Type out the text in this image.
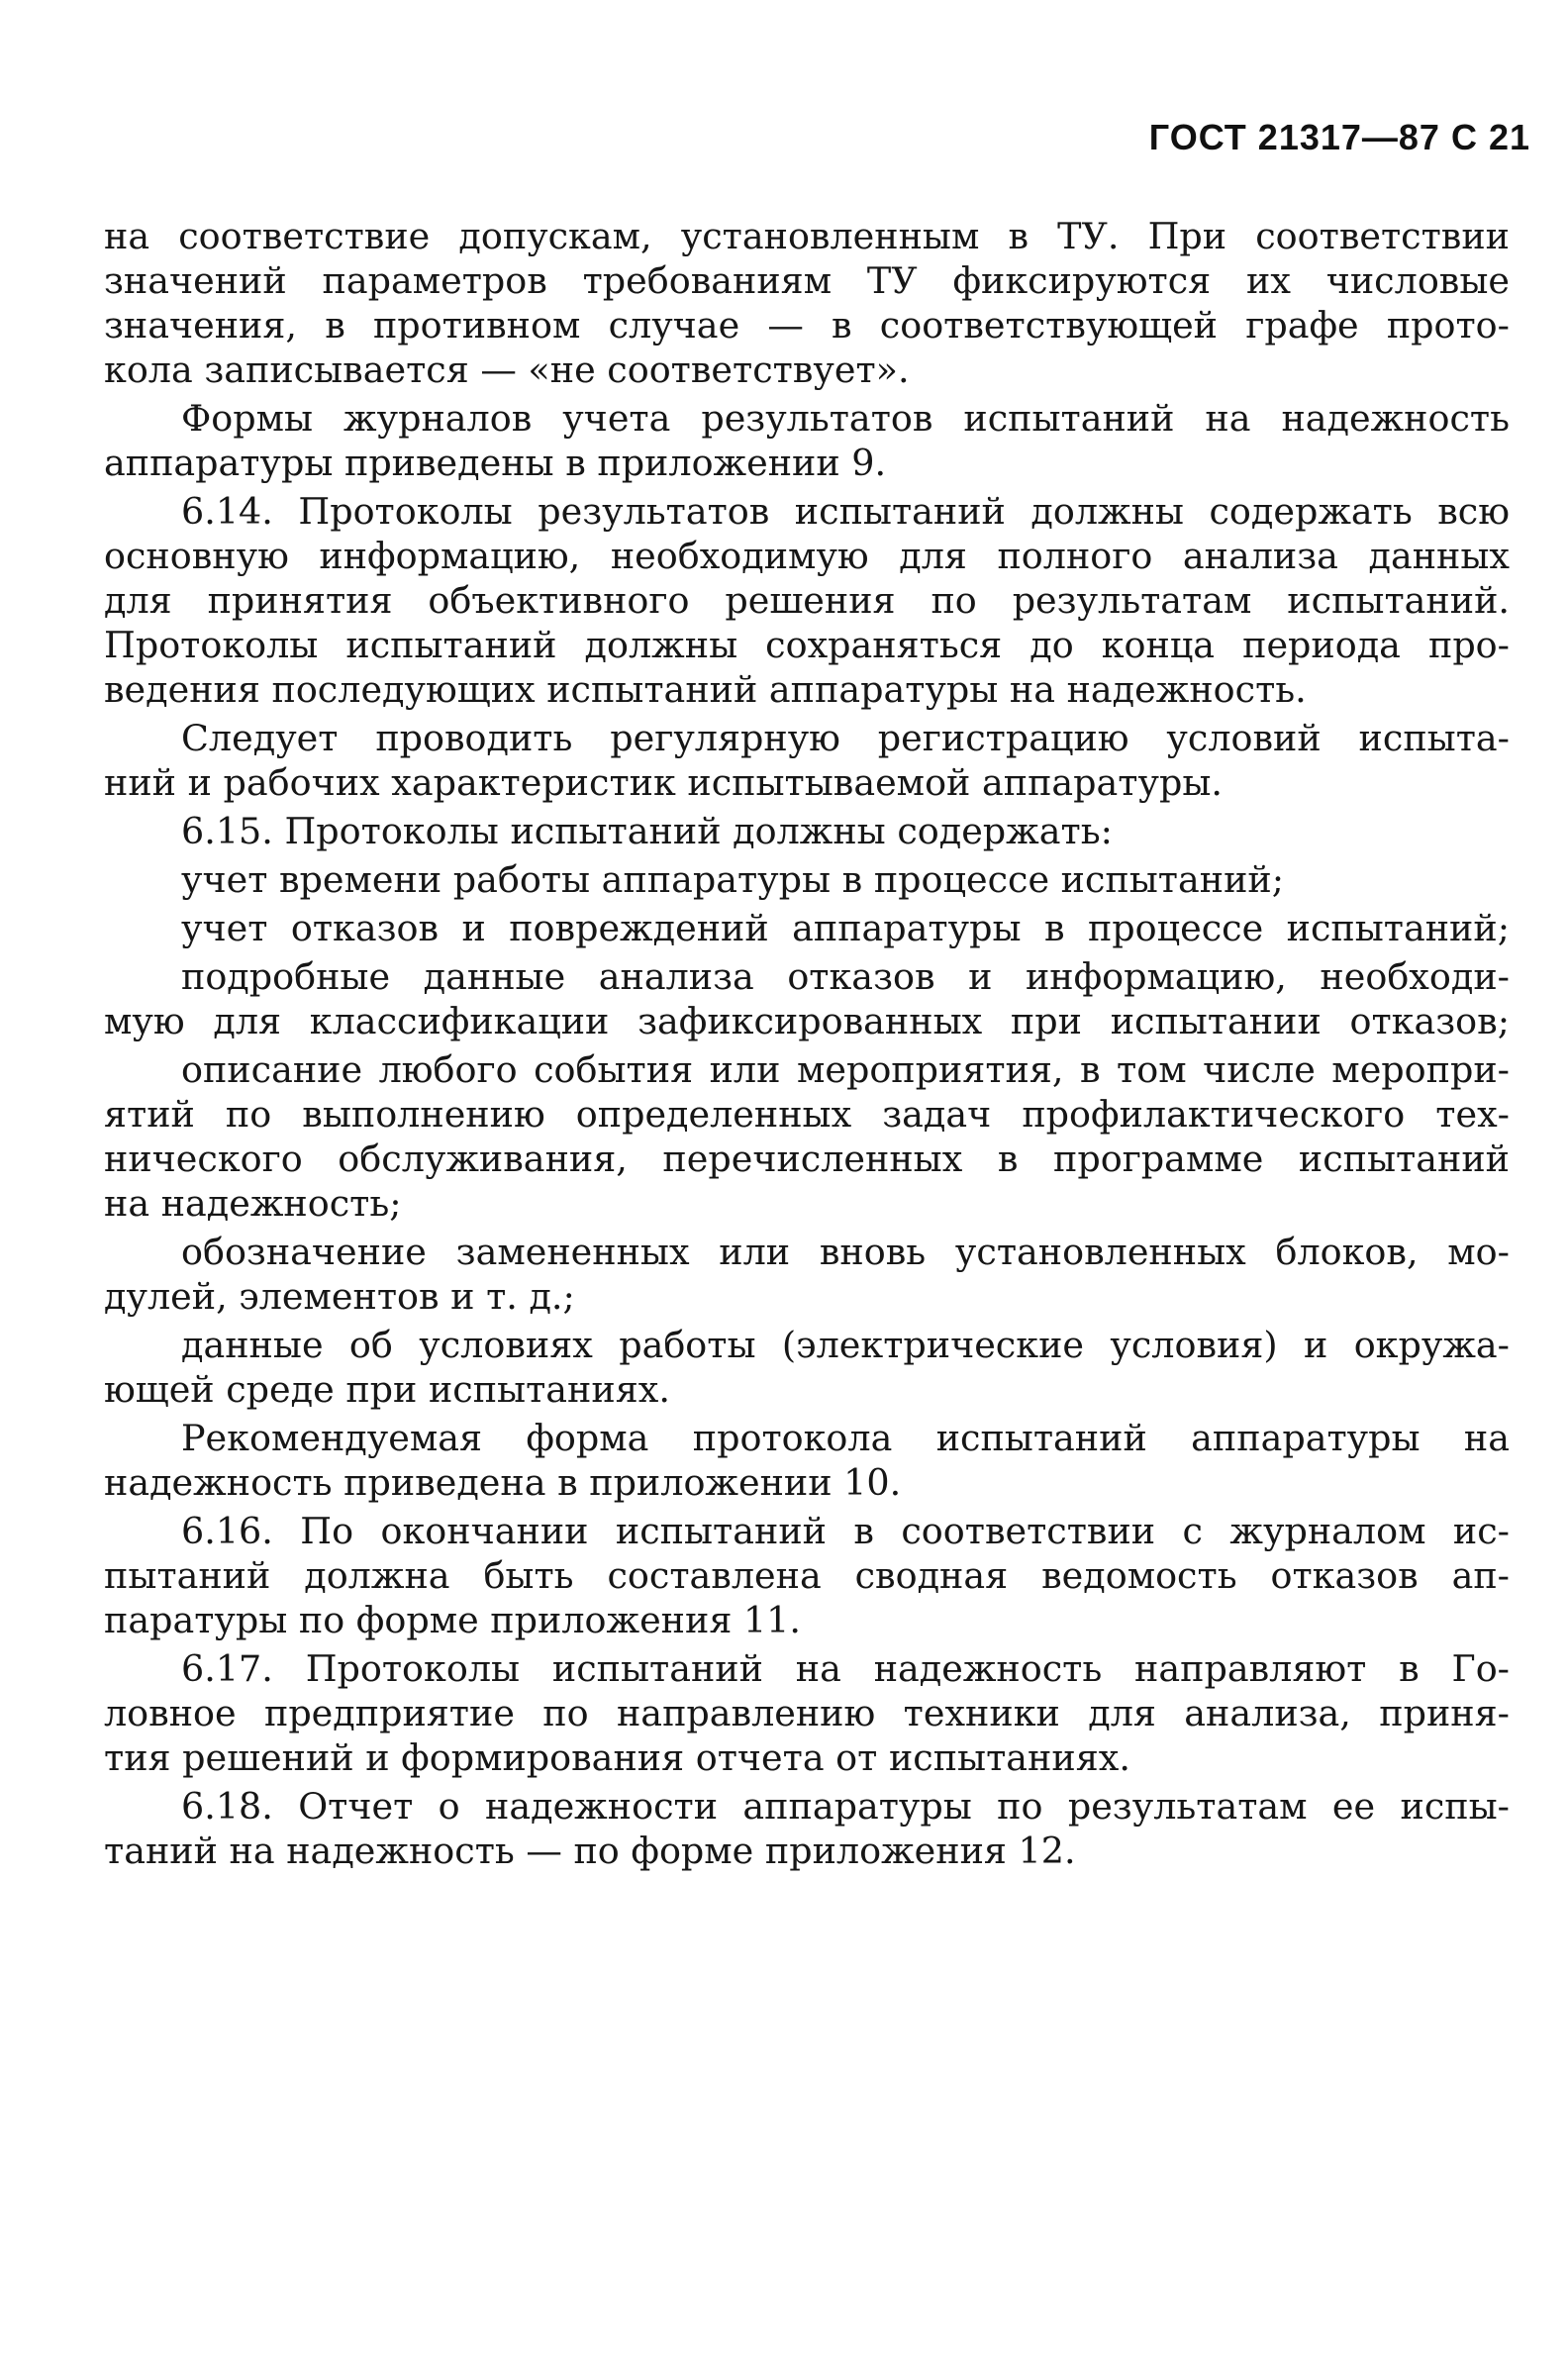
ГОСТ 21317—87 С 21
на соответствие допускам, установленным в ТУ. При соответствии
значений параметров требованиям ТУ фиксируются их числовые
значения, в противном случае — в соответствующей графе прото-
кола записывается — «не соответствует».
Формы журналов учета результатов испытаний на надежность
аппаратуры приведены в приложении 9.
6.14. Протоколы результатов испытаний должны содержать всю
основную информацию, необходимую для полного анализа данных
для принятия объективного решения по результатам испытаний.
Протоколы испытаний должны сохраняться до конца периода про-
ведения последующих испытаний аппаратуры на надежность.
Следует проводить регулярную регистрацию условий испыта-
ний и рабочих характеристик испытываемой аппаратуры.
6.15. Протоколы испытаний должны содержать:
учет времени работы аппаратуры в процессе испытаний;
учет отказов и повреждений аппаратуры в процессе испытаний;
подробные данные анализа отказов и информацию, необходи-
мую для классификации зафиксированных при испытании отказов;
описание любого события или мероприятия, в том числе меропри-
ятий по выполнению определенных задач профилактического тех-
нического обслуживания, перечисленных в программе испытаний
на надежность;
обозначение замененных или вновь установленных блоков, мо-
дулей, элементов и т. д.;
данные об условиях работы (электрические условия) и окружа-
ющей среде при испытаниях.
Рекомендуемая форма протокола испытаний аппаратуры на
надежность приведена в приложении 10.
6.16. По окончании испытаний в соответствии с журналом ис-
пытаний должна быть составлена сводная ведомость отказов ап-
паратуры по форме приложения 11.
6.17. Протоколы испытаний на надежность направляют в Го-
ловное предприятие по направлению техники для анализа, приня-
тия решений и формирования отчета от испытаниях.
6.18. Отчет о надежности аппаратуры по результатам ее испы-
таний на надежность — по форме приложения 12.
